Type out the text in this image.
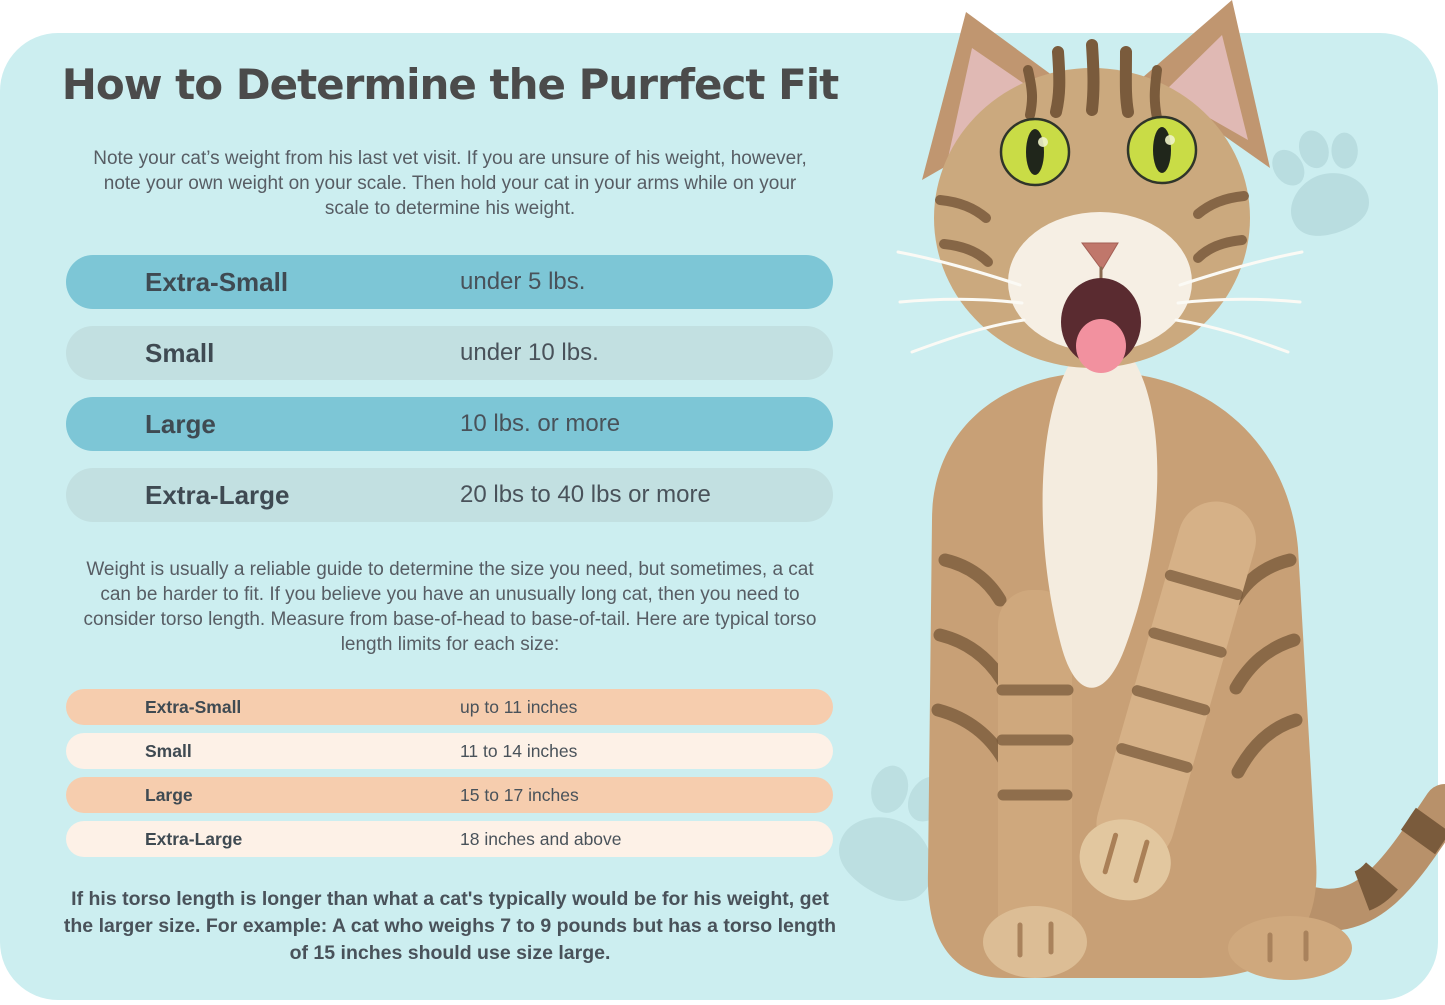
How to Determine the Purrfect Fit
Note your cat’s weight from his last vet visit. If you are unsure of his weight, however,
note your own weight on your scale. Then hold your cat in your arms while on your
scale to determine his weight.
Extra-Small	under 5 lbs.
Small	under 10 lbs.
Large	10 lbs. or more
Extra-Large	20 lbs to 40 lbs or more
Weight is usually a reliable guide to determine the size you need, but sometimes, a cat
can be harder to fit. If you believe you have an unusually long cat, then you need to
consider torso length. Measure from base-of-head to base-of-tail. Here are typical torso
length limits for each size:
Extra-Small	up to 11 inches
Small	11 to 14 inches
Large	15 to 17 inches
Extra-Large	18 inches and above
If his torso length is longer than what a cat's typically would be for his weight, get
the larger size. For example: A cat who weighs 7 to 9 pounds but has a torso length
of 15 inches should use size large.
